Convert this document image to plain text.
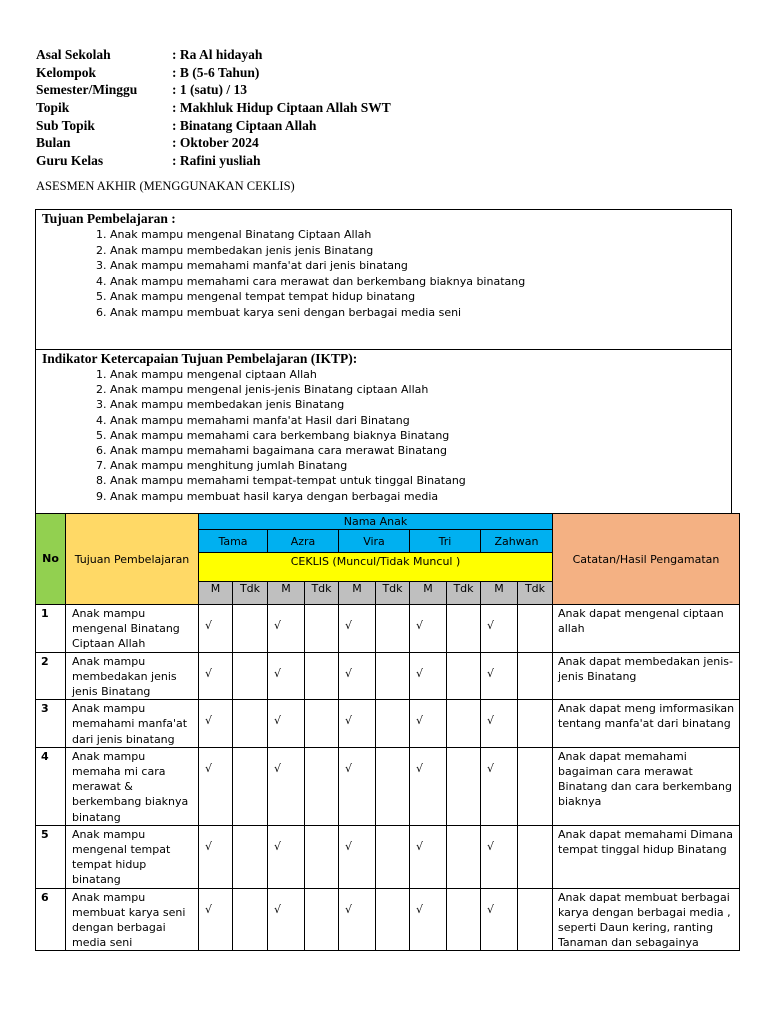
Asal Sekolah	: Ra Al hidayah
Kelompok	: B (5-6 Tahun)
Semester/Minggu	: 1 (satu) / 13
Topik	: Makhluk Hidup Ciptaan Allah SWT
Sub Topik	: Binatang Ciptaan Allah
Bulan	: Oktober 2024
Guru Kelas	: Rafini yusliah
ASESMEN AKHIR (MENGGUNAKAN CEKLIS)
Tujuan Pembelajaran :
1. Anak mampu mengenal Binatang Ciptaan Allah
2. Anak mampu membedakan jenis jenis Binatang
3. Anak mampu memahami manfa'at dari jenis binatang
4. Anak mampu memahami cara merawat dan berkembang biaknya binatang
5. Anak mampu mengenal tempat tempat hidup binatang
6. Anak mampu membuat karya seni dengan berbagai media seni
Indikator Ketercapaian Tujuan Pembelajaran (IKTP):
1. Anak mampu mengenal ciptaan Allah
2. Anak mampu mengenal jenis-jenis Binatang ciptaan Allah
3. Anak mampu membedakan jenis Binatang
4. Anak mampu memahami manfa'at Hasil dari Binatang
5. Anak mampu memahami cara berkembang biaknya Binatang
6. Anak mampu memahami bagaimana cara merawat Binatang
7. Anak mampu menghitung jumlah Binatang
8. Anak mampu memahami tempat-tempat untuk tinggal Binatang
9. Anak mampu membuat hasil karya dengan berbagai media
No	Tujuan Pembelajaran	Nama Anak										Catatan/Hasil Pengamatan
		Tama		Azra		Vira		Tri		Zahwan		
		CEKLIS (Muncul/Tidak Muncul )										
		M	Tdk	M	Tdk	M	Tdk	M	Tdk	M	Tdk	
1	Anak mampu mengenal Binatang Ciptaan Allah	√		√		√		√		√		Anak dapat mengenal ciptaan allah
2	Anak mampu membedakan jenis jenis Binatang	√		√		√		√		√		Anak dapat membedakan jenis-jenis Binatang
3	Anak mampu memahami manfa'at dari jenis binatang	√		√		√		√		√		Anak dapat meng imformasikan tentang manfa'at dari binatang
4	Anak mampu memaha mi cara merawat & berkembang biaknya binatang	√		√		√		√		√		Anak dapat memahami bagaiman cara merawat Binatang dan cara berkembang biaknya
5	Anak mampu mengenal tempat tempat hidup binatang	√		√		√		√		√		Anak dapat memahami Dimana tempat tinggal hidup Binatang
6	Anak mampu membuat karya seni dengan berbagai media seni	√		√		√		√		√		Anak dapat membuat berbagai karya dengan berbagai media , seperti Daun kering, ranting Tanaman dan sebagainya
